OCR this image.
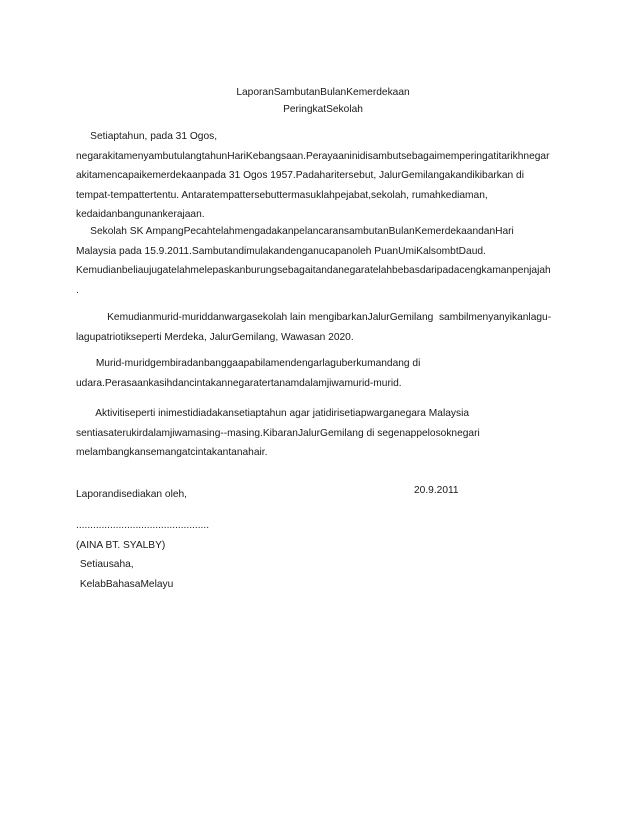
LaporanSambutanBulanKemerdekaan
PeringkatSekolah
Setiaptahun, pada 31 Ogos,
negarakitamenyambutulangtahunHariKebangsaan.Perayaaninidisambutsebagaimemperingatitarikhnegar
akitamencapaikemerdekaanpada 31 Ogos 1957.Padaharitersebut, JalurGemilangakandikibarkan di
tempat-tempattertentu. Antaratempattersebuttermasuklahpejabat,sekolah, rumahkediaman,
kedaidanbangunankerajaan.
Sekolah SK AmpangPecahtelahmengadakanpelancaransambutanBulanKemerdekaandanHari
Malaysia pada 15.9.2011.Sambutandimulakandenganucapanoleh PuanUmiKalsombtDaud.
Kemudianbeliaujugatelahmelepaskanburungsebagaitandanegaratelahbebasdaripadacengkamanpenjajah
.
Kemudianmurid-muriddanwargasekolah lain mengibarkanJalurGemilang  sambilmenyanyikanlagu-
lagupatriotikseperti Merdeka, JalurGemilang, Wawasan 2020.
Murid-muridgembiradanbanggaapabilamendengarlaguberkumandang di
udara.Perasaankasihdancintakannegaratertanamdalamjiwamurid-murid.
Aktivitiseperti inimestidiadakansetiaptahun agar jatidirisetiapwarganegara Malaysia
sentiasaterukirdalamjiwamasing--masing.KibaranJalurGemilang di segenappelosoknegari
melambangkansemangatcintakantanahair.
Laporandisediakan oleh,	20.9.2011
...............................................
(AINA BT. SYALBY)
Setiausaha,
KelabBahasaMelayu
